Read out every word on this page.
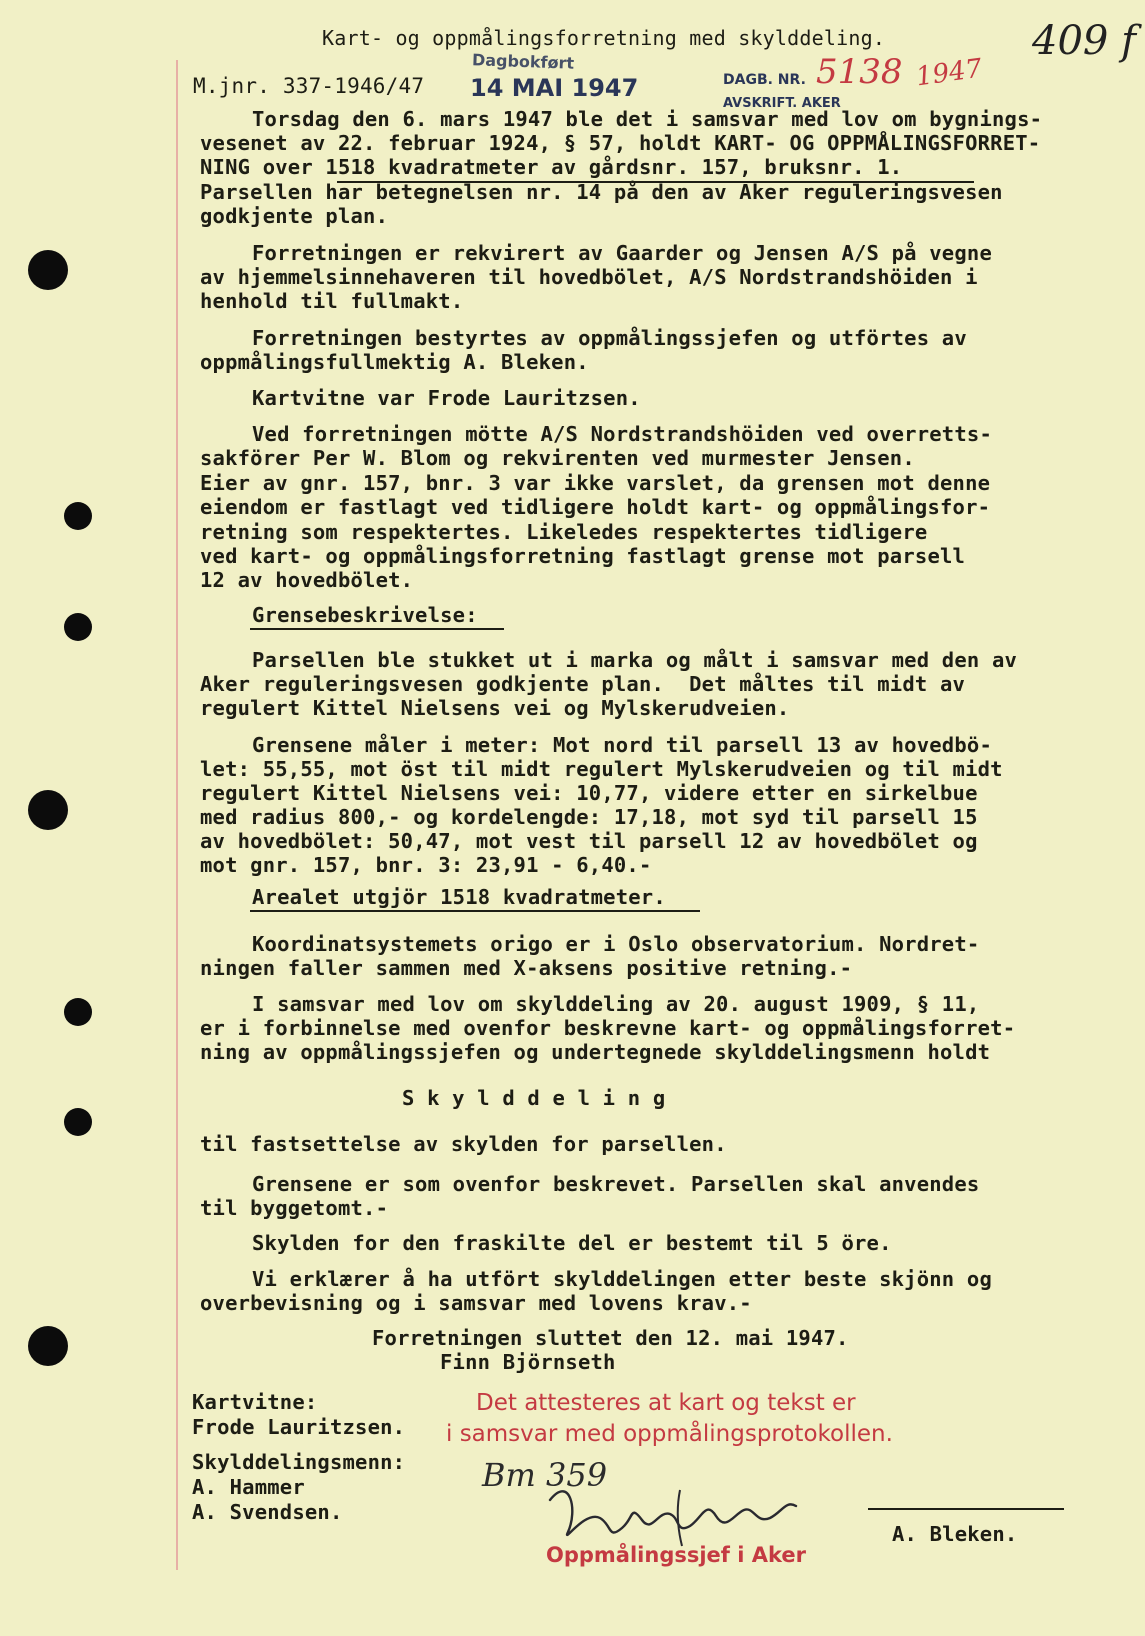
Kart- og oppmålingsforretning med skylddeling.	409 f
M.jnr. 337-1946/47
Dagbokført
14 MAI 1947	DAGB. NR. 5138 1947
AVSKRIFT. AKER
Torsdag den 6. mars 1947 ble det i samsvar med lov om bygnings-
vesenet av 22. februar 1924, § 57, holdt KART- OG OPPMÅLINGSFORRET-
NING over 1518 kvadratmeter av gårdsnr. 157, bruksnr. 1.
Parsellen har betegnelsen nr. 14 på den av Aker reguleringsvesen
godkjente plan.
Forretningen er rekvirert av Gaarder og Jensen A/S på vegne
av hjemmelsinnehaveren til hovedbölet, A/S Nordstrandshöiden i
henhold til fullmakt.
Forretningen bestyrtes av oppmålingssjefen og utförtes av
oppmålingsfullmektig A. Bleken.
Kartvitne var Frode Lauritzsen.
Ved forretningen mötte A/S Nordstrandshöiden ved overretts-
sakförer Per W. Blom og rekvirenten ved murmester Jensen.
Eier av gnr. 157, bnr. 3 var ikke varslet, da grensen mot denne
eiendom er fastlagt ved tidligere holdt kart- og oppmålingsfor-
retning som respektertes. Likeledes respektertes tidligere
ved kart- og oppmålingsforretning fastlagt grense mot parsell
12 av hovedbölet.
Grensebeskrivelse:
Parsellen ble stukket ut i marka og målt i samsvar med den av
Aker reguleringsvesen godkjente plan.  Det måltes til midt av
regulert Kittel Nielsens vei og Mylskerudveien.
Grensene måler i meter: Mot nord til parsell 13 av hovedbö-
let: 55,55, mot öst til midt regulert Mylskerudveien og til midt
regulert Kittel Nielsens vei: 10,77, videre etter en sirkelbue
med radius 800,- og kordelengde: 17,18, mot syd til parsell 15
av hovedbölet: 50,47, mot vest til parsell 12 av hovedbölet og
mot gnr. 157, bnr. 3: 23,91 - 6,40.-
Arealet utgjör 1518 kvadratmeter.
Koordinatsystemets origo er i Oslo observatorium. Nordret-
ningen faller sammen med X-aksens positive retning.-
I samsvar med lov om skylddeling av 20. august 1909, § 11,
er i forbinnelse med ovenfor beskrevne kart- og oppmålingsforret-
ning av oppmålingssjefen og undertegnede skylddelingsmenn holdt
S k y l d d e l i n g
til fastsettelse av skylden for parsellen.
Grensene er som ovenfor beskrevet. Parsellen skal anvendes
til byggetomt.-
Skylden for den fraskilte del er bestemt til 5 öre.
Vi erklærer å ha utfört skylddelingen etter beste skjönn og
overbevisning og i samsvar med lovens krav.-
Forretningen sluttet den 12. mai 1947.
Finn Björnseth
Kartvitne:
Frode Lauritzsen.
Skylddelingsmenn:
A. Hammer
A. Svendsen.
Det attesteres at kart og tekst er
i samsvar med oppmålingsprotokollen.
Bm 359
Oppmålingssjef i Aker
A. Bleken.
